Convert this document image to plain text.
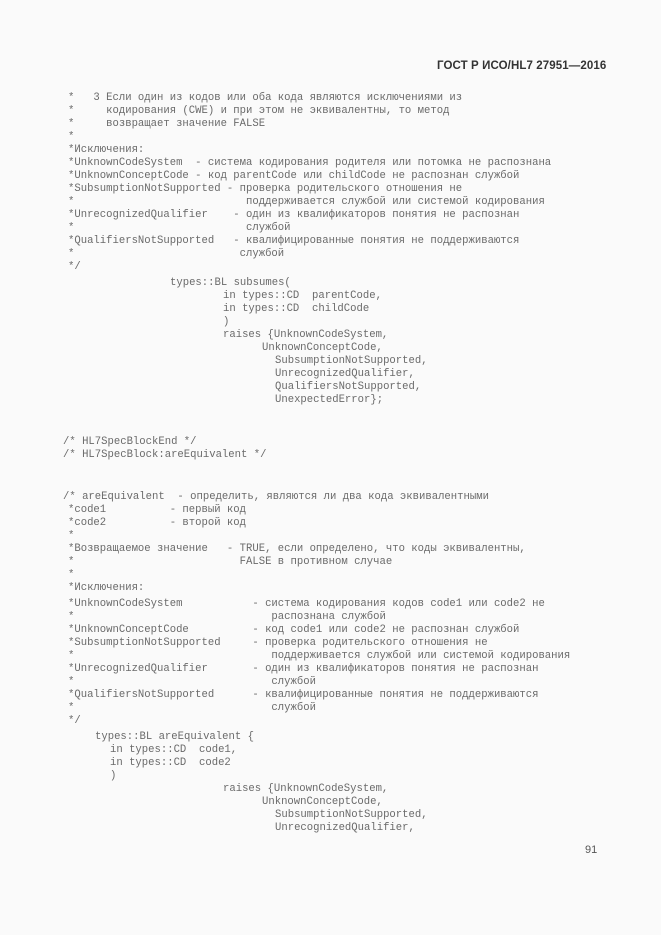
ГОСТ Р ИСО/HL7 27951—2016
*   3 Если один из кодов или оба кода являются исключениями из
*     кодирования (CWE) и при этом не эквивалентны, то метод
*     возвращает значение FALSE
*
*Исключения:
*UnknownCodeSystem  - система кодирования родителя или потомка не распознана
*UnknownConceptCode - код parentCode или childCode не распознан службой
*SubsumptionNotSupported - проверка родительского отношения не
*                           поддерживается службой или системой кодирования
*UnrecognizedQualifier    - один из квалификаторов понятия не распознан
*                           службой
*QualifiersNotSupported   - квалифицированные понятия не поддерживаются
*                          службой
*/
types::BL subsumes(
in types::CD  parentCode,
in types::CD  childCode
)
raises {UnknownCodeSystem,
UnknownConceptCode,
SubsumptionNotSupported,
UnrecognizedQualifier,
QualifiersNotSupported,
UnexpectedError};
/* HL7SpecBlockEnd */
/* HL7SpecBlock:areEquivalent */
/* areEquivalent  - определить, являются ли два кода эквивалентными
*code1          - первый код
*code2          - второй код
*
*Возвращаемое значение   - TRUE, если определено, что коды эквивалентны,
*                          FALSE в противном случае
*
*Исключения:
*UnknownCodeSystem           - система кодирования кодов code1 или code2 не
*                               распознана службой
*UnknownConceptCode          - код code1 или code2 не распознан службой
*SubsumptionNotSupported     - проверка родительского отношения не
*                               поддерживается службой или системой кодирования
*UnrecognizedQualifier       - один из квалификаторов понятия не распознан
*                               службой
*QualifiersNotSupported      - квалифицированные понятия не поддерживаются
*                               службой
*/
types::BL areEquivalent {
in types::CD  code1,
in types::CD  code2
)
raises {UnknownCodeSystem,
UnknownConceptCode,
SubsumptionNotSupported,
UnrecognizedQualifier,
91
